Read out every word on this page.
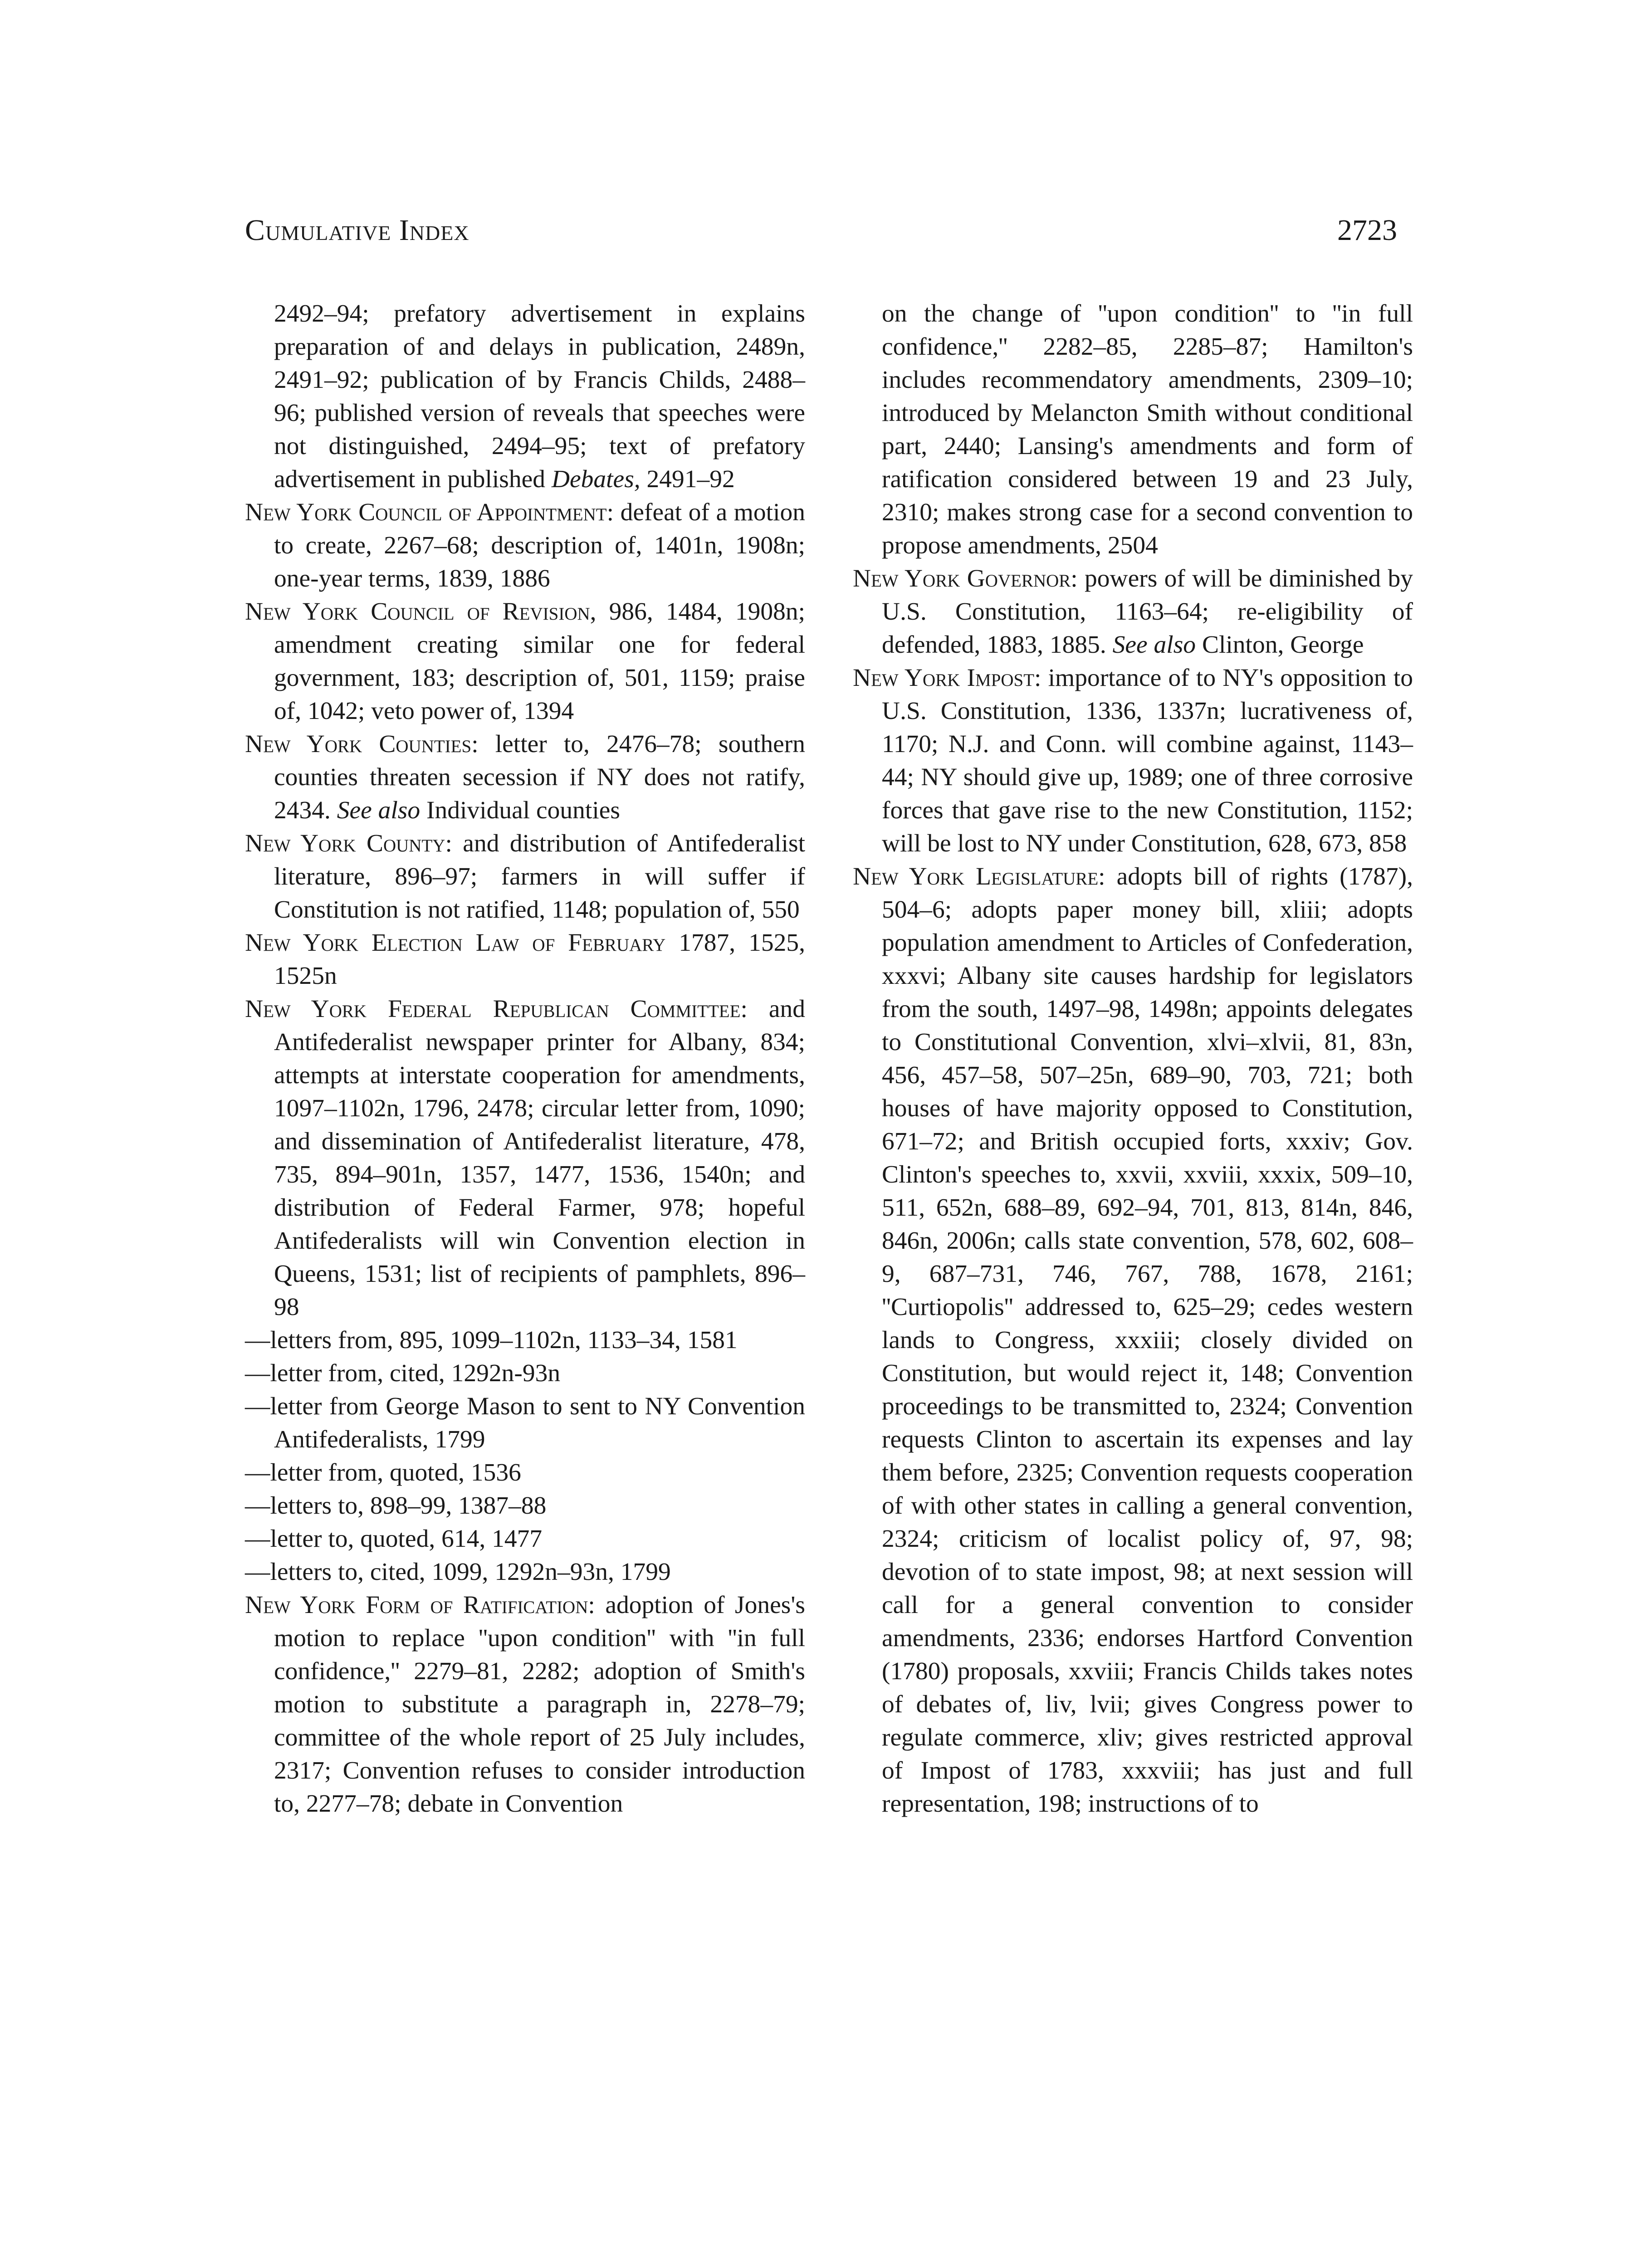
Cumulative Index	2723

2492–94; prefatory advertisement in explains preparation of and delays in publication, 2489n, 2491–92; publication of by Francis Childs, 2488–96; published version of reveals that speeches were not distinguished, 2494–95; text of prefatory advertisement in published Debates, 2491–92

New York Council of Appointment: defeat of a motion to create, 2267–68; description of, 1401n, 1908n; one-year terms, 1839, 1886

New York Council of Revision, 986, 1484, 1908n; amendment creating similar one for federal government, 183; description of, 501, 1159; praise of, 1042; veto power of, 1394

New York Counties: letter to, 2476–78; southern counties threaten secession if NY does not ratify, 2434. See also Individual counties

New York County: and distribution of Antifederalist literature, 896–97; farmers in will suffer if Constitution is not ratified, 1148; population of, 550

New York Election Law of February 1787, 1525, 1525n

New York Federal Republican Committee: and Antifederalist newspaper printer for Albany, 834; attempts at interstate cooperation for amendments, 1097–1102n, 1796, 2478; circular letter from, 1090; and dissemination of Antifederalist literature, 478, 735, 894–901n, 1357, 1477, 1536, 1540n; and distribution of Federal Farmer, 978; hopeful Antifederalists will win Convention election in Queens, 1531; list of recipients of pamphlets, 896–98

—letters from, 895, 1099–1102n, 1133–34, 1581

—letter from, cited, 1292n-93n

—letter from George Mason to sent to NY Convention Antifederalists, 1799

—letter from, quoted, 1536

—letters to, 898–99, 1387–88

—letter to, quoted, 614, 1477

—letters to, cited, 1099, 1292n–93n, 1799

New York Form of Ratification: adoption of Jones's motion to replace ''upon condition'' with ''in full confidence,'' 2279–81, 2282; adoption of Smith's motion to substitute a paragraph in, 2278–79; committee of the whole report of 25 July includes, 2317; Convention refuses to consider introduction to, 2277–78; debate in Convention

on the change of ''upon condition'' to ''in full confidence,'' 2282–85, 2285–87; Hamilton's includes recommendatory amendments, 2309–10; introduced by Melancton Smith without conditional part, 2440; Lansing's amendments and form of ratification considered between 19 and 23 July, 2310; makes strong case for a second convention to propose amendments, 2504

New York Governor: powers of will be diminished by U.S. Constitution, 1163–64; re-eligibility of defended, 1883, 1885. See also Clinton, George

New York Impost: importance of to NY's opposition to U.S. Constitution, 1336, 1337n; lucrativeness of, 1170; N.J. and Conn. will combine against, 1143–44; NY should give up, 1989; one of three corrosive forces that gave rise to the new Constitution, 1152; will be lost to NY under Constitution, 628, 673, 858

New York Legislature: adopts bill of rights (1787), 504–6; adopts paper money bill, xliii; adopts population amendment to Articles of Confederation, xxxvi; Albany site causes hardship for legislators from the south, 1497–98, 1498n; appoints delegates to Constitutional Convention, xlvi–xlvii, 81, 83n, 456, 457–58, 507–25n, 689–90, 703, 721; both houses of have majority opposed to Constitution, 671–72; and British occupied forts, xxxiv; Gov. Clinton's speeches to, xxvii, xxviii, xxxix, 509–10, 511, 652n, 688–89, 692–94, 701, 813, 814n, 846, 846n, 2006n; calls state convention, 578, 602, 608–9, 687–731, 746, 767, 788, 1678, 2161; ''Curtiopolis'' addressed to, 625–29; cedes western lands to Congress, xxxiii; closely divided on Constitution, but would reject it, 148; Convention proceedings to be transmitted to, 2324; Convention requests Clinton to ascertain its expenses and lay them before, 2325; Convention requests cooperation of with other states in calling a general convention, 2324; criticism of localist policy of, 97, 98; devotion of to state impost, 98; at next session will call for a general convention to consider amendments, 2336; endorses Hartford Convention (1780) proposals, xxviii; Francis Childs takes notes of debates of, liv, lvii; gives Congress power to regulate commerce, xliv; gives restricted approval of Impost of 1783, xxxviii; has just and full representation, 198; instructions of to
